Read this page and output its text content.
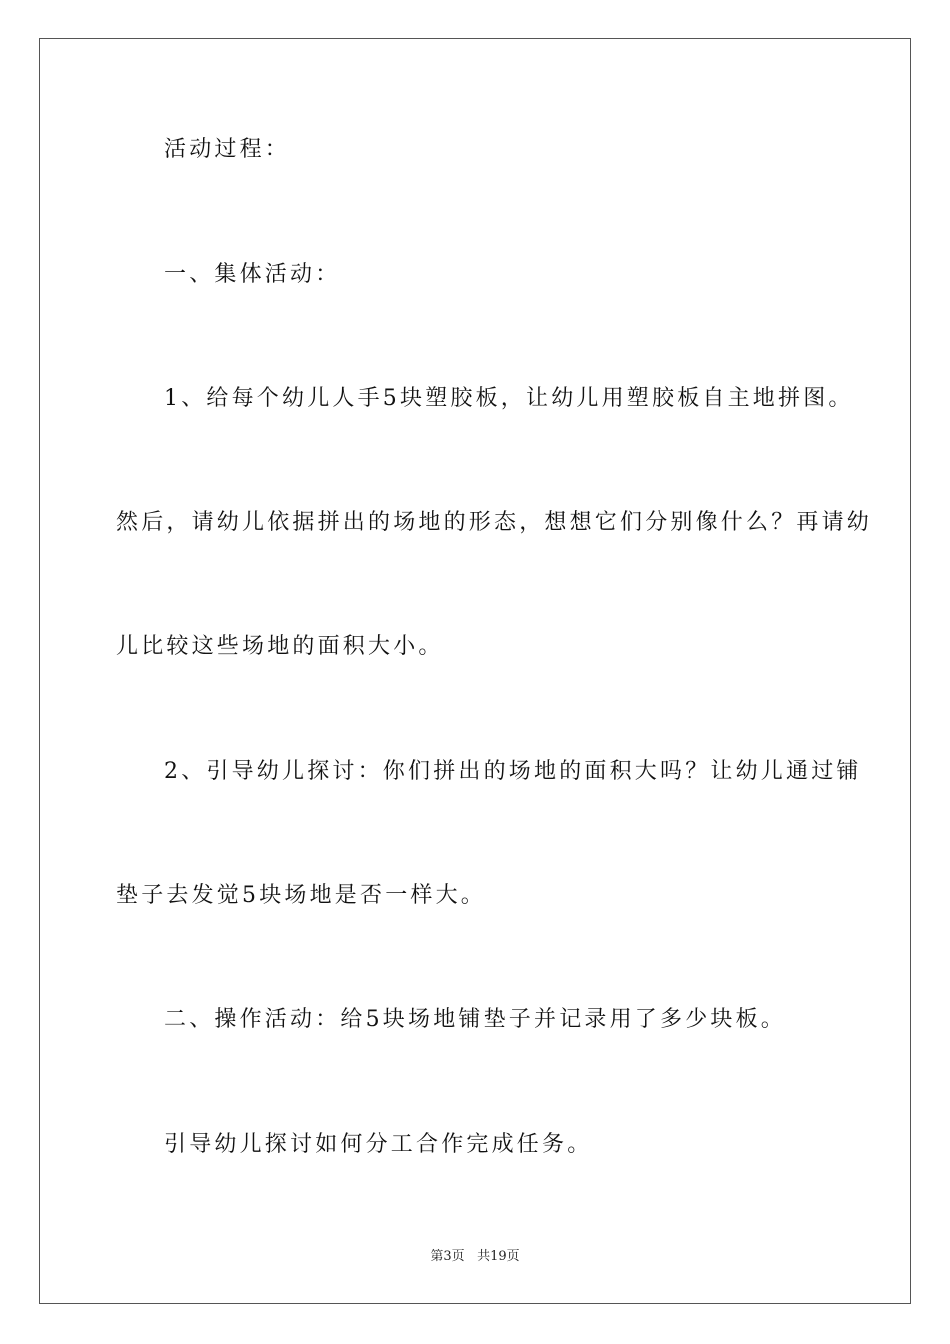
活动过程：
一、集体活动：
1、给每个幼儿人手5块塑胶板，让幼儿用塑胶板自主地拼图。
然后，请幼儿依据拼出的场地的形态，想想它们分别像什么？再请幼
儿比较这些场地的面积大小。
2、引导幼儿探讨：你们拼出的场地的面积大吗？让幼儿通过铺
垫子去发觉5块场地是否一样大。
二、操作活动：给5块场地铺垫子并记录用了多少块板。
引导幼儿探讨如何分工合作完成任务。
第3页 共19页
